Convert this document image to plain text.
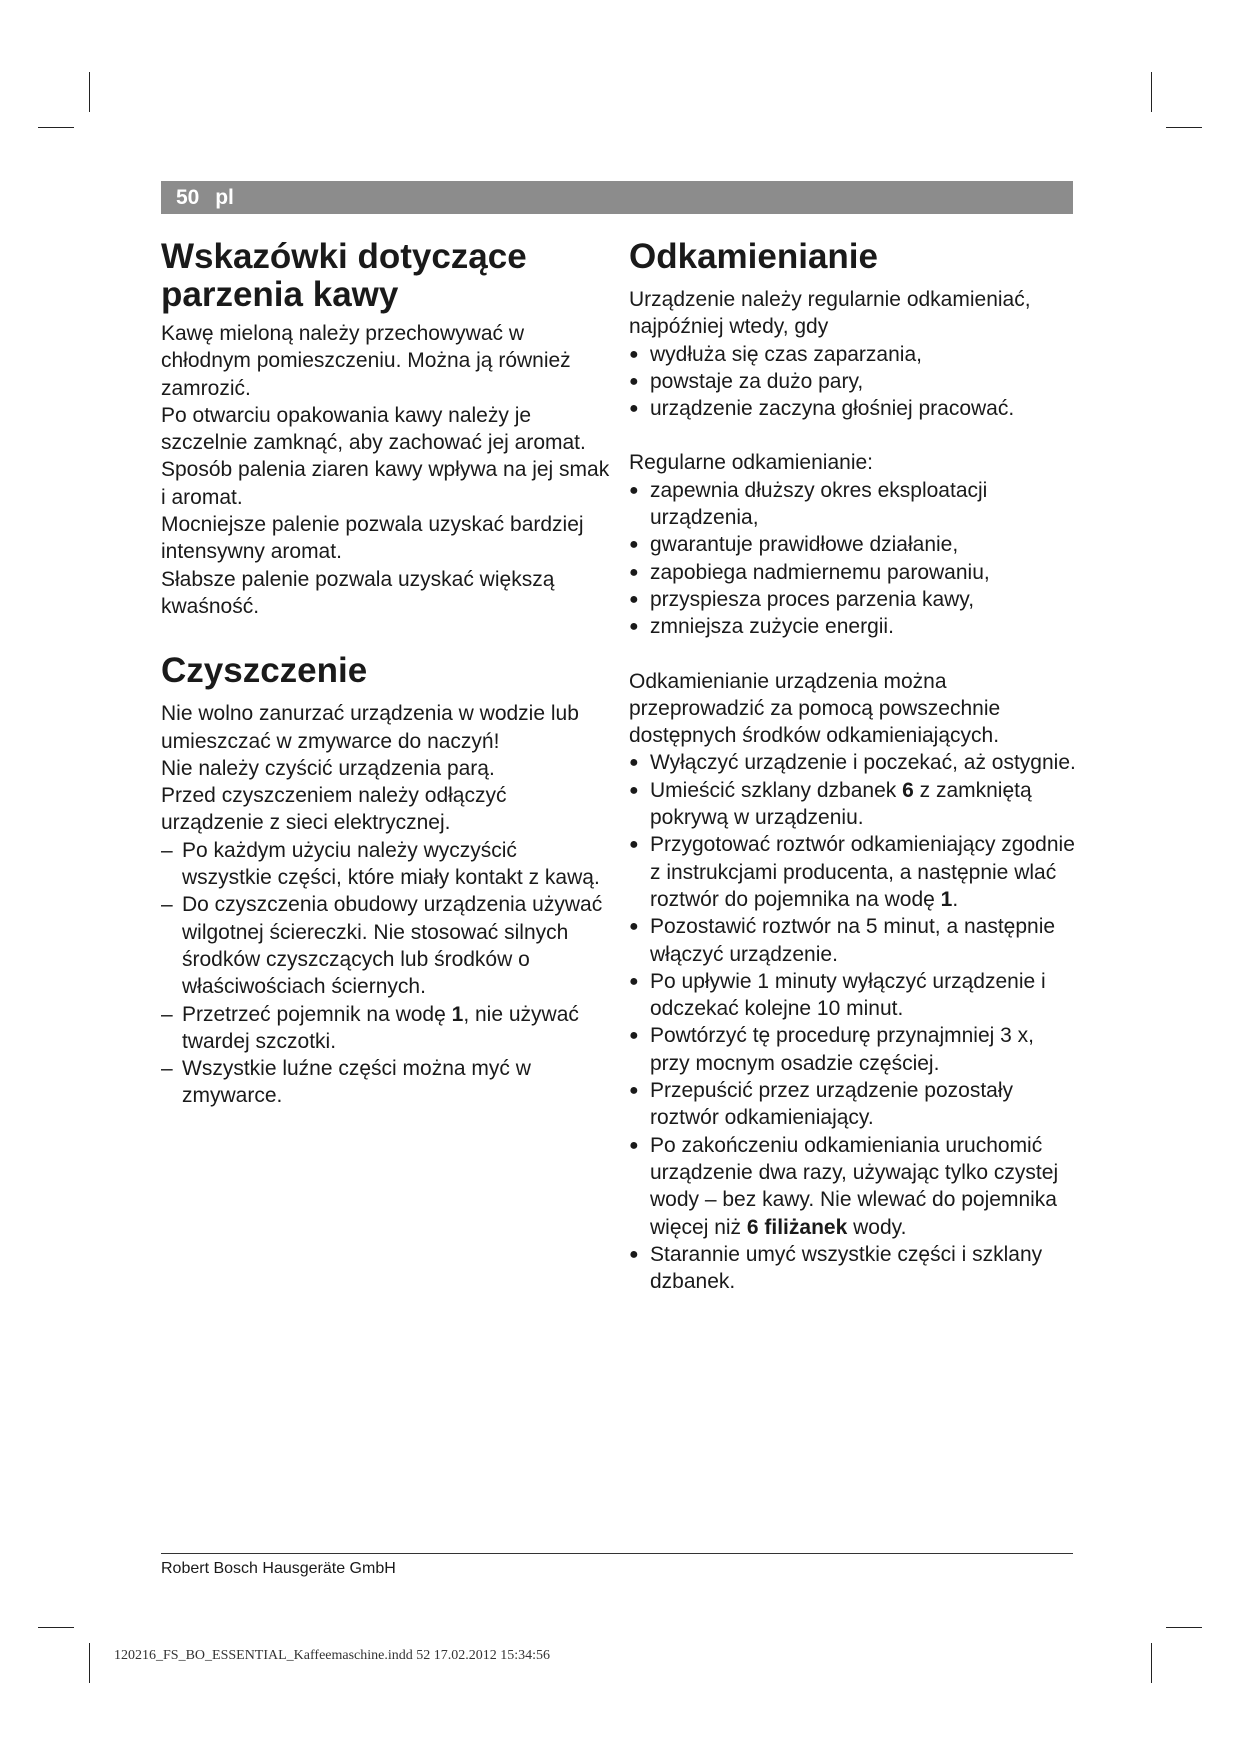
50 pl
Wskazówki dotyczące parzenia kawy

Kawę mieloną należy przechowywać w chłodnym pomieszczeniu. Można ją również zamrozić.

Po otwarciu opakowania kawy należy je szczelnie zamknąć, aby zachować jej aromat.

Sposób palenia ziaren kawy wpływa na jej smak i aromat.

Mocniejsze palenie pozwala uzyskać bardziej intensywny aromat.

Słabsze palenie pozwala uzyskać większą kwaśność.

Czyszczenie

Nie wolno zanurzać urządzenia w wodzie lub umieszczać w zmywarce do naczyń!

Nie należy czyścić urządzenia parą.

Przed czyszczeniem należy odłączyć urządzenie z sieci elektrycznej.

– Po każdym użyciu należy wyczyścić wszystkie części, które miały kontakt z kawą.
– Do czyszczenia obudowy urządzenia używać wilgotnej ściereczki. Nie stosować silnych środków czyszczących lub środków o właściwościach ściernych.
– Przetrzeć pojemnik na wodę 1, nie używać twardej szczotki.
– Wszystkie luźne części można myć w zmywarce.
Odkamienianie

Urządzenie należy regularnie odkamieniać, najpóźniej wtedy, gdy

● wydłuża się czas zaparzania,
● powstaje za dużo pary,
● urządzenie zaczyna głośniej pracować.

Regularne odkamienianie:

● zapewnia dłuższy okres eksploatacji urządzenia,
● gwarantuje prawidłowe działanie,
● zapobiega nadmiernemu parowaniu,
● przyspiesza proces parzenia kawy,
● zmniejsza zużycie energii.

Odkamienianie urządzenia można przeprowadzić za pomocą powszechnie dostępnych środków odkamieniających.

● Wyłączyć urządzenie i poczekać, aż ostygnie.
● Umieścić szklany dzbanek 6 z zamkniętą pokrywą w urządzeniu.
● Przygotować roztwór odkamieniający zgodnie z instrukcjami producenta, a następnie wlać roztwór do pojemnika na wodę 1.
● Pozostawić roztwór na 5 minut, a następnie włączyć urządzenie.
● Po upływie 1 minuty wyłączyć urządzenie i odczekać kolejne 10 minut.
● Powtórzyć tę procedurę przynajmniej 3 x, przy mocnym osadzie częściej.
● Przepuścić przez urządzenie pozostały roztwór odkamieniający.
● Po zakończeniu odkamieniania uruchomić urządzenie dwa razy, używając tylko czystej wody – bez kawy. Nie wlewać do pojemnika więcej niż 6 filiżanek wody.
● Starannie umyć wszystkie części i szklany dzbanek.
Robert Bosch Hausgeräte GmbH
120216_FS_BO_ESSENTIAL_Kaffeemaschine.indd 52 17.02.2012 15:34:56
